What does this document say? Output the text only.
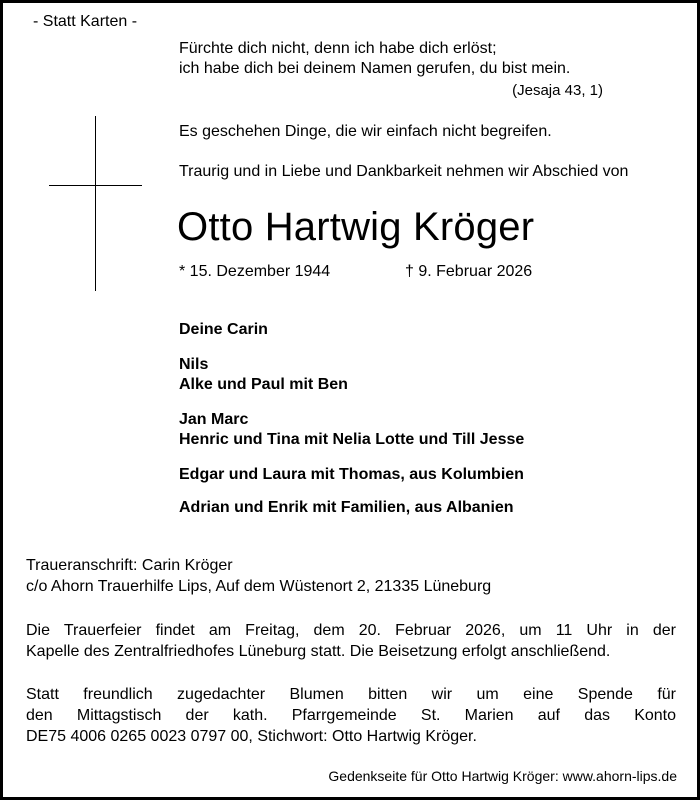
- Statt Karten -
Fürchte dich nicht, denn ich habe dich erlöst;
ich habe dich bei deinem Namen gerufen, du bist mein.
(Jesaja 43, 1)
Es geschehen Dinge, die wir einfach nicht begreifen.
Traurig und in Liebe und Dankbarkeit nehmen wir Abschied von
Otto Hartwig Kröger
* 15. Dezember 1944	† 9. Februar 2026
Deine Carin
Nils
Alke und Paul mit Ben
Jan Marc
Henric und Tina mit Nelia Lotte und Till Jesse
Edgar und Laura mit Thomas, aus Kolumbien
Adrian und Enrik mit Familien, aus Albanien
Traueranschrift: Carin Kröger
c/o Ahorn Trauerhilfe Lips, Auf dem Wüstenort 2, 21335 Lüneburg
Die Trauerfeier findet am Freitag, dem 20. Februar 2026, um 11 Uhr in der
Kapelle des Zentralfriedhofes Lüneburg statt. Die Beisetzung erfolgt anschließend.
Statt freundlich zugedachter Blumen bitten wir um eine Spende für
den Mittagstisch der kath. Pfarrgemeinde St. Marien auf das Konto
DE75 4006 0265 0023 0797 00, Stichwort: Otto Hartwig Kröger.
Gedenkseite für Otto Hartwig Kröger: www.ahorn-lips.de
